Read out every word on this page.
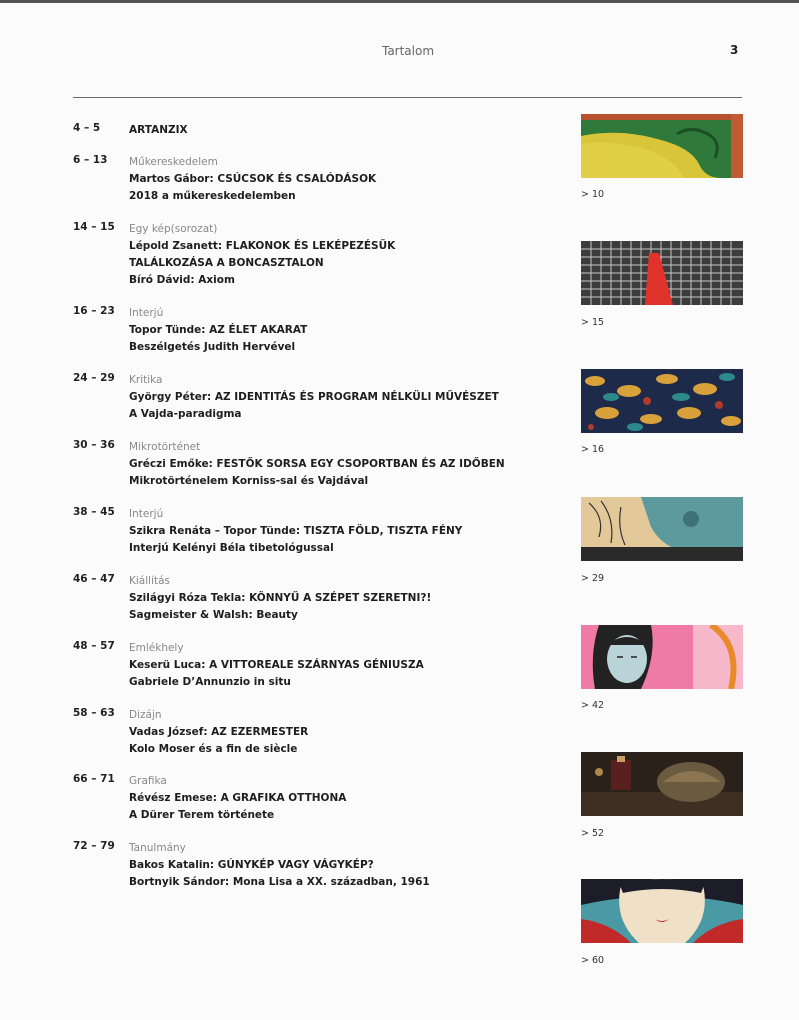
Tartalom	3
4 – 5	ARTANZIX
6 – 13	Műkereskedelem
Martos Gábor: CSÚCSOK ÉS CSALÓDÁSOK
2018 a műkereskedelemben
14 – 15	Egy kép(sorozat)
Lépold Zsanett: FLAKONOK ÉS LEKÉPEZÉSÜK
TALÁLKOZÁSA A BONCASZTALON
Bíró Dávid: Axiom
16 – 23	Interjú
Topor Tünde: AZ ÉLET AKARAT
Beszélgetés Judith Hervével
24 – 29	Kritika
György Péter: AZ IDENTITÁS ÉS PROGRAM NÉLKÜLI MŰVÉSZET
A Vajda-paradigma
30 – 36	Mikrotörténet
Gréczi Emőke: FESTŐK SORSA EGY CSOPORTBAN ÉS AZ IDŐBEN
Mikrotörténelem Korniss-sal és Vajdával
38 – 45	Interjú
Szikra Renáta – Topor Tünde: TISZTA FÖLD, TISZTA FÉNY
Interjú Kelényi Béla tibetológussal
46 – 47	Kiállítás
Szilágyi Róza Tekla: KÖNNYŰ A SZÉPET SZERETNI?!
Sagmeister & Walsh: Beauty
48 – 57	Emlékhely
Keserü Luca: A VITTOREALE SZÁRNYAS GÉNIUSZA
Gabriele D’Annunzio in situ
58 – 63	Dizájn
Vadas József: AZ EZERMESTER
Kolo Moser és a fin de siècle
66 – 71	Grafika
Révész Emese: A GRAFIKA OTTHONA
A Dürer Terem története
72 – 79	Tanulmány
Bakos Katalin: GÚNYKÉP VAGY VÁGYKÉP?
Bortnyik Sándor: Mona Lisa a XX. században, 1961
> 10
> 15
> 16
> 29
> 42
> 52
> 60
